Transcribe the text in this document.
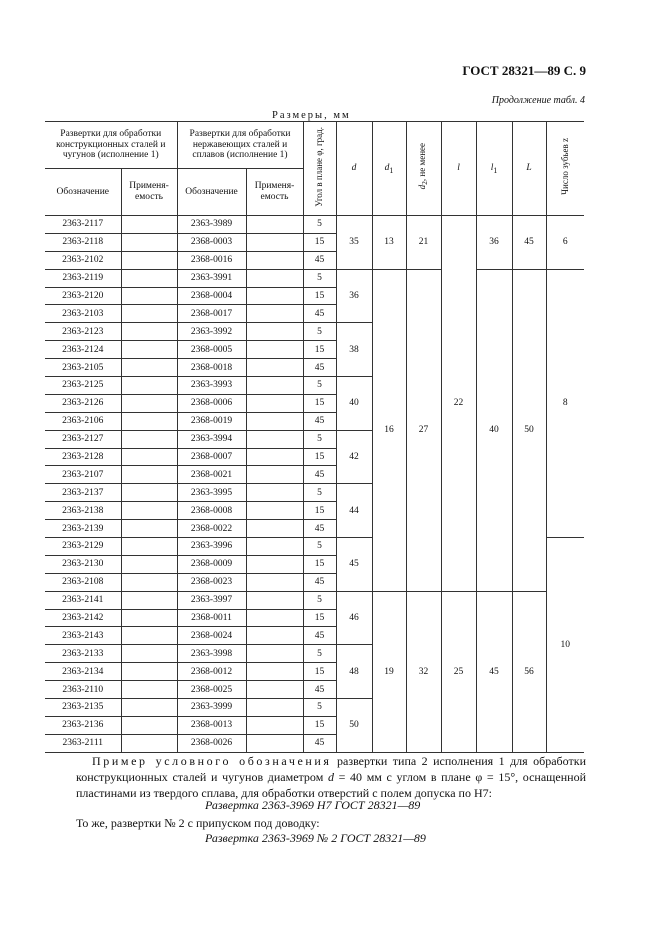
ГОСТ 28321—89 С. 9
Продолжение табл. 4
Размеры, мм
Развертки для обработки конструкционных сталей и чугунов (исполнение 1)		Развертки для обработки нержавеющих сталей и сплавов (исполнение 1)		Угол в плане φ, град.	d	$d_1$	$d_2$, не менее	l	$l_1$	L	Число зубьев z
Обозначение	Применя-емость	Обозначение	Применя-емость								
2363-2117		2363-3989		5	35	13	21	22	36	45	6
2363-2118		2368-0003		15							
2363-2102		2368-0016		45							
2363-2119		2363-3991		5	36	16	27		40	50	8
2363-2120		2368-0004		15							
2363-2103		2368-0017		45							
2363-2123		2363-3992		5	38						
2363-2124		2368-0005		15							
2363-2105		2368-0018		45							
2363-2125		2363-3993		5	40						
2363-2126		2368-0006		15							
2363-2106		2368-0019		45							
2363-2127		2363-3994		5	42						
2363-2128		2368-0007		15							
2363-2107		2368-0021		45							
2363-2137		2363-3995		5	44						
2363-2138		2368-0008		15							
2363-2139		2368-0022		45							
2363-2129		2363-3996		5	45						10
2363-2130		2368-0009		15							
2363-2108		2368-0023		45							
2363-2141		2363-3997		5	46	19	32	25	45	56	
2363-2142		2368-0011		15							
2363-2143		2368-0024		45							
2363-2133		2363-3998		5	48						
2363-2134		2368-0012		15							
2363-2110		2368-0025		45							
2363-2135		2363-3999		5	50						
2363-2136		2368-0013		15							
2363-2111		2368-0026		45							
Пример условного обозначения развертки типа 2 исполнения 1 для обработки конструкционных сталей и чугунов диаметром d = 40 мм с углом в плане φ = 15°, оснащенной пластинами из твердого сплава, для обработки отверстий с полем допуска по Н7:
Развертка 2363-3969 Н7 ГОСТ 28321—89
То же, развертки № 2 с припуском под доводку:
Развертка 2363-3969 № 2 ГОСТ 28321—89
